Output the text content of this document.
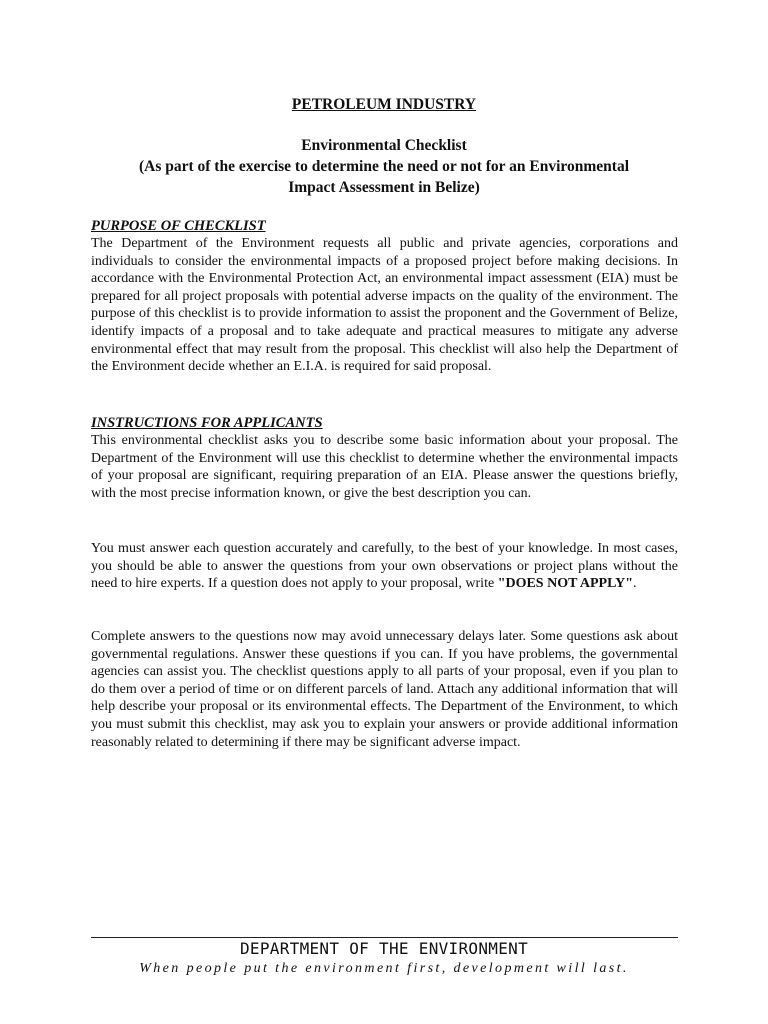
PETROLEUM INDUSTRY
Environmental Checklist
(As part of the exercise to determine the need or not for an Environmental
Impact Assessment in Belize)
PURPOSE OF CHECKLIST
The Department of the Environment requests all public and private agencies, corporations and individuals to consider the environmental impacts of a proposed project before making decisions. In accordance with the Environmental Protection Act, an environmental impact assessment (EIA) must be prepared for all project proposals with potential adverse impacts on the quality of the environment. The purpose of this checklist is to provide information to assist the proponent and the Government of Belize, identify impacts of a proposal and to take adequate and practical measures to mitigate any adverse environmental effect that may result from the proposal. This checklist will also help the Department of the Environment decide whether an E.I.A. is required for said proposal.
INSTRUCTIONS FOR APPLICANTS
This environmental checklist asks you to describe some basic information about your proposal. The Department of the Environment will use this checklist to determine whether the environmental impacts of your proposal are significant, requiring preparation of an EIA. Please answer the questions briefly, with the most precise information known, or give the best description you can.
You must answer each question accurately and carefully, to the best of your knowledge. In most cases, you should be able to answer the questions from your own observations or project plans without the need to hire experts. If a question does not apply to your proposal, write "DOES NOT APPLY".
Complete answers to the questions now may avoid unnecessary delays later. Some questions ask about governmental regulations. Answer these questions if you can. If you have problems, the governmental agencies can assist you. The checklist questions apply to all parts of your proposal, even if you plan to do them over a period of time or on different parcels of land. Attach any additional information that will help describe your proposal or its environmental effects. The Department of the Environment, to which you must submit this checklist, may ask you to explain your answers or provide additional information reasonably related to determining if there may be significant adverse impact.
DEPARTMENT OF THE ENVIRONMENT
When people put the environment first, development will last.
